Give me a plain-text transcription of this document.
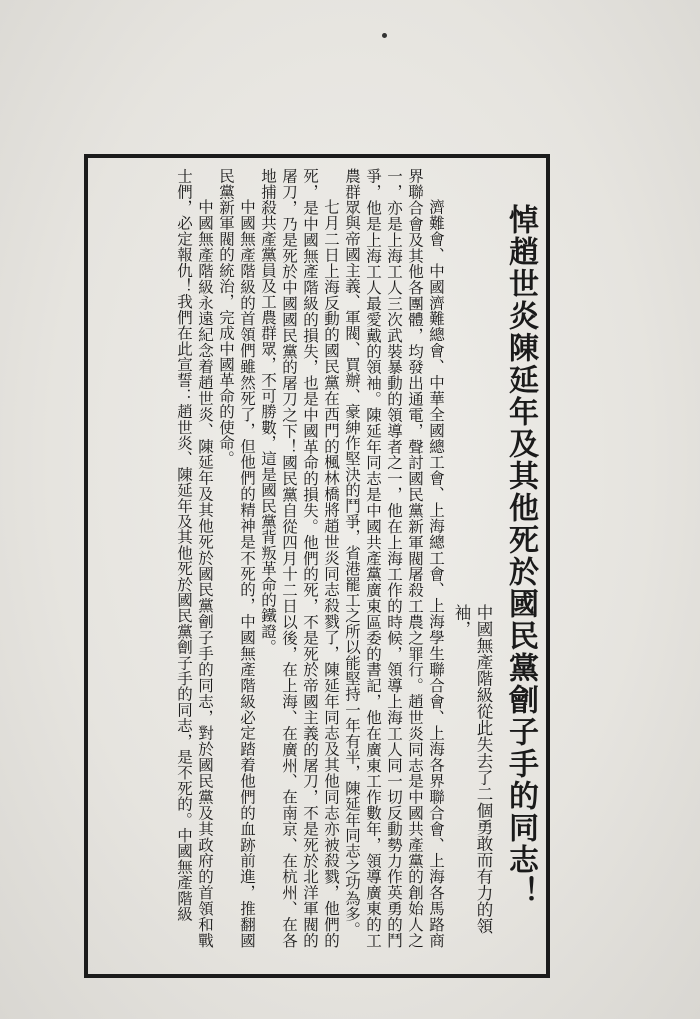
悼趙世炎陳延年及其他死於國民黨劊子手的同志！
中國無產階級從此失去了二個勇敢而有力的領袖，

濟難會、中國濟難總會、中華全國總工會、上海總工會、上海學生聯合會、上海各界聯合會、上海各馬路商界聯合會及其他各團體，均發出通電，聲討國民黨新軍閥屠殺工農之罪行。趙世炎同志是中國共產黨的創始人之一，亦是上海工人三次武裝暴動的領導者之一，他在上海工作的時候，領導上海工人同一切反動勢力作英勇的鬥爭，他是上海工人最愛戴的領袖。陳延年同志是中國共產黨廣東區委的書記，他在廣東工作數年，領導廣東的工農群眾與帝國主義、軍閥、買辦、豪紳作堅決的鬥爭，省港罷工之所以能堅持一年有半，陳延年同志之功為多。

七月二日上海反動的國民黨在西門的楓林橋將趙世炎同志殺戮了，陳延年同志及其他同志亦被殺戮，他們的死，是中國無產階級的損失，也是中國革命的損失。他們的死，不是死於帝國主義的屠刀，不是死於北洋軍閥的屠刀，乃是死於中國國民黨的屠刀之下！國民黨自從四月十二日以後，在上海、在廣州、在南京、在杭州、在各地捕殺共產黨員及工農群眾，不可勝數，這是國民黨背叛革命的鐵證。

中國無產階級的首領們雖然死了，但他們的精神是不死的，中國無產階級必定踏着他們的血跡前進，推翻國民黨新軍閥的統治，完成中國革命的使命。

中國無產階級永遠紀念着趙世炎、陳延年及其他死於國民黨劊子手的同志，對於國民黨及其政府的首領和戰士們，必定報仇！我們在此宣誓：趙世炎、陳延年及其他死於國民黨劊子手的同志，是不死的。中國無產階級
